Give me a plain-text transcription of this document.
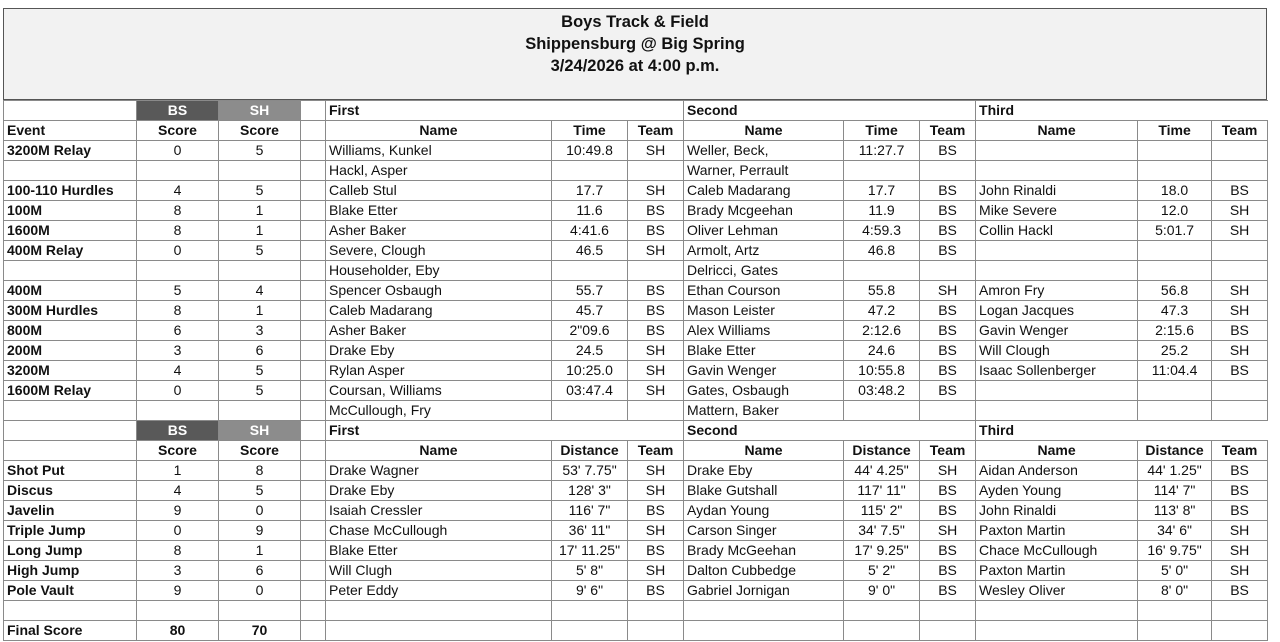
Boys Track & Field
Shippensburg @ Big Spring
3/24/2026 at 4:00 p.m.
	BS	SH		First			Second			Third		
Event	Score	Score		Name	Time	Team	Name	Time	Team	Name	Time	Team
3200M Relay	0	5		Williams, Kunkel	10:49.8	SH	Weller, Beck,	11:27.7	BS			
				Hackl, Asper			Warner, Perrault					
100-110 Hurdles	4	5		Calleb Stul	17.7	SH	Caleb Madarang	17.7	BS	John Rinaldi	18.0	BS
100M	8	1		Blake Etter	11.6	BS	Brady Mcgeehan	11.9	BS	Mike Severe	12.0	SH
1600M	8	1		Asher Baker	4:41.6	BS	Oliver Lehman	4:59.3	BS	Collin Hackl	5:01.7	SH
400M Relay	0	5		Severe, Clough	46.5	SH	Armolt, Artz	46.8	BS			
				Householder, Eby			Delricci, Gates					
400M	5	4		Spencer Osbaugh	55.7	BS	Ethan Courson	55.8	SH	Amron Fry	56.8	SH
300M Hurdles	8	1		Caleb Madarang	45.7	BS	Mason Leister	47.2	BS	Logan Jacques	47.3	SH
800M	6	3		Asher Baker	2"09.6	BS	Alex Williams	2:12.6	BS	Gavin Wenger	2:15.6	BS
200M	3	6		Drake Eby	24.5	SH	Blake Etter	24.6	BS	Will Clough	25.2	SH
3200M	4	5		Rylan Asper	10:25.0	SH	Gavin Wenger	10:55.8	BS	Isaac Sollenberger	11:04.4	BS
1600M Relay	0	5		Coursan, Williams	03:47.4	SH	Gates, Osbaugh	03:48.2	BS			
				McCullough, Fry			Mattern, Baker					
	BS	SH		First			Second			Third		
	Score	Score		Name	Distance	Team	Name	Distance	Team	Name	Distance	Team
Shot Put	1	8		Drake Wagner	53' 7.75"	SH	Drake Eby	44' 4.25"	SH	Aidan Anderson	44' 1.25"	BS
Discus	4	5		Drake Eby	128' 3"	SH	Blake Gutshall	117' 11"	BS	Ayden Young	114' 7"	BS
Javelin	9	0		Isaiah Cressler	116' 7"	BS	Aydan Young	115' 2"	BS	John Rinaldi	113' 8"	BS
Triple Jump	0	9		Chase McCullough	36' 11"	SH	Carson Singer	34' 7.5"	SH	Paxton Martin	34' 6"	SH
Long Jump	8	1		Blake Etter	17' 11.25"	BS	Brady McGeehan	17' 9.25"	BS	Chace McCullough	16' 9.75"	SH
High Jump	3	6		Will Clugh	5' 8"	SH	Dalton Cubbedge	5' 2"	BS	Paxton Martin	5' 0"	SH
Pole Vault	9	0		Peter Eddy	9' 6"	BS	Gabriel Jornigan	9' 0"	BS	Wesley Oliver	8' 0"	BS

Final Score	80	70										
